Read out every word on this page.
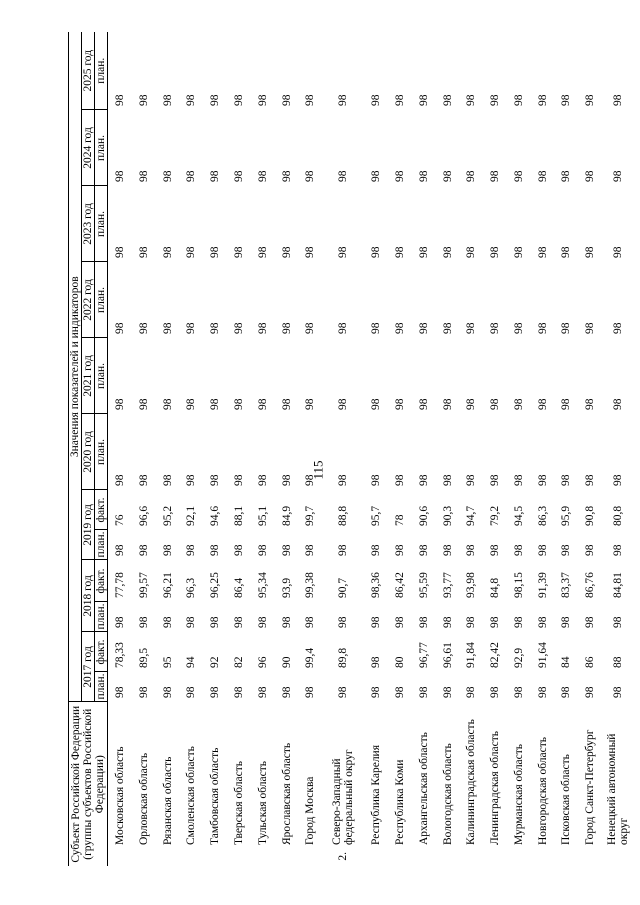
115
Субъект Российской Федерации (группы субъектов Российской Федерации)		Значения показателей и индикаторов											
		2017 год		2018 год		2019 год		2020 год	2021 год	2022 год	2023 год	2024 год	2025 год
		план.	факт.	план.	факт.	план.	факт.	план.	план.	план.	план.	план.	план.
	Московская область	98	78,33	98	77,78	98	76	98	98	98	98	98	98
	Орловская область	98	89,5	98	99,57	98	96,6	98	98	98	98	98	98
	Рязанская область	98	95	98	96,21	98	95,2	98	98	98	98	98	98
	Смоленская область	98	94	98	96,3	98	92,1	98	98	98	98	98	98
	Тамбовская область	98	92	98	96,25	98	94,6	98	98	98	98	98	98
	Тверская область	98	82	98	86,4	98	88,1	98	98	98	98	98	98
	Тульская область	98	96	98	95,34	98	95,1	98	98	98	98	98	98
	Ярославская область	98	90	98	93,9	98	84,9	98	98	98	98	98	98
	Город Москва	98	99,4	98	99,38	98	99,7	98	98	98	98	98	98
2.	Северо-Западный федеральный округ	98	89,8	98	90,7	98	88,8	98	98	98	98	98	98
	Республика Карелия	98	98	98	98,36	98	95,7	98	98	98	98	98	98
	Республика Коми	98	80	98	86,42	98	78	98	98	98	98	98	98
	Архангельская область	98	96,77	98	95,59	98	90,6	98	98	98	98	98	98
	Вологодская область	98	96,61	98	93,77	98	90,3	98	98	98	98	98	98
	Калининградская область	98	91,84	98	93,98	98	94,7	98	98	98	98	98	98
	Ленинградская область	98	82,42	98	84,8	98	79,2	98	98	98	98	98	98
	Мурманская область	98	92,9	98	98,15	98	94,5	98	98	98	98	98	98
	Новгородская область	98	91,64	98	91,39	98	86,3	98	98	98	98	98	98
	Псковская область	98	84	98	83,37	98	95,9	98	98	98	98	98	98
	Город Санкт-Петербург	98	86	98	86,76	98	90,8	98	98	98	98	98	98
	Ненецкий автономный округ	98	88	98	84,81	98	80,8	98	98	98	98	98	98
